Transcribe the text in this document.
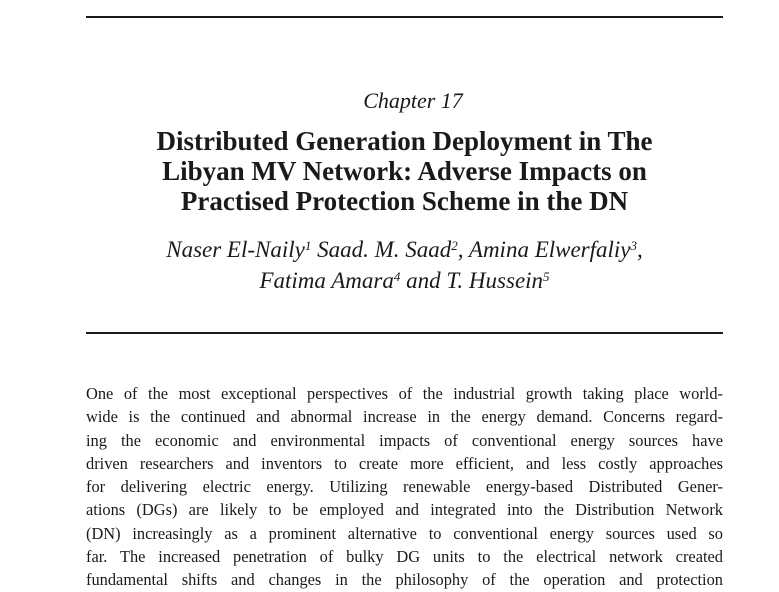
Chapter 17
Distributed Generation Deployment in The
Libyan MV Network: Adverse Impacts on
Practised Protection Scheme in the DN
Naser El-Naily$^1$ Saad. M. Saad$^2$, Amina Elwerfaliy$^3$,
Fatima Amara$^4$ and T. Hussein$^5$
One of the most exceptional perspectives of the industrial growth taking place world-
wide is the continued and abnormal increase in the energy demand. Concerns regard-
ing the economic and environmental impacts of conventional energy sources have
driven researchers and inventors to create more efficient, and less costly approaches
for delivering electric energy. Utilizing renewable energy-based Distributed Gener-
ations (DGs) are likely to be employed and integrated into the Distribution Network
(DN) increasingly as a prominent alternative to conventional energy sources used so
far. The increased penetration of bulky DG units to the electrical network created
fundamental shifts and changes in the philosophy of the operation and protection
